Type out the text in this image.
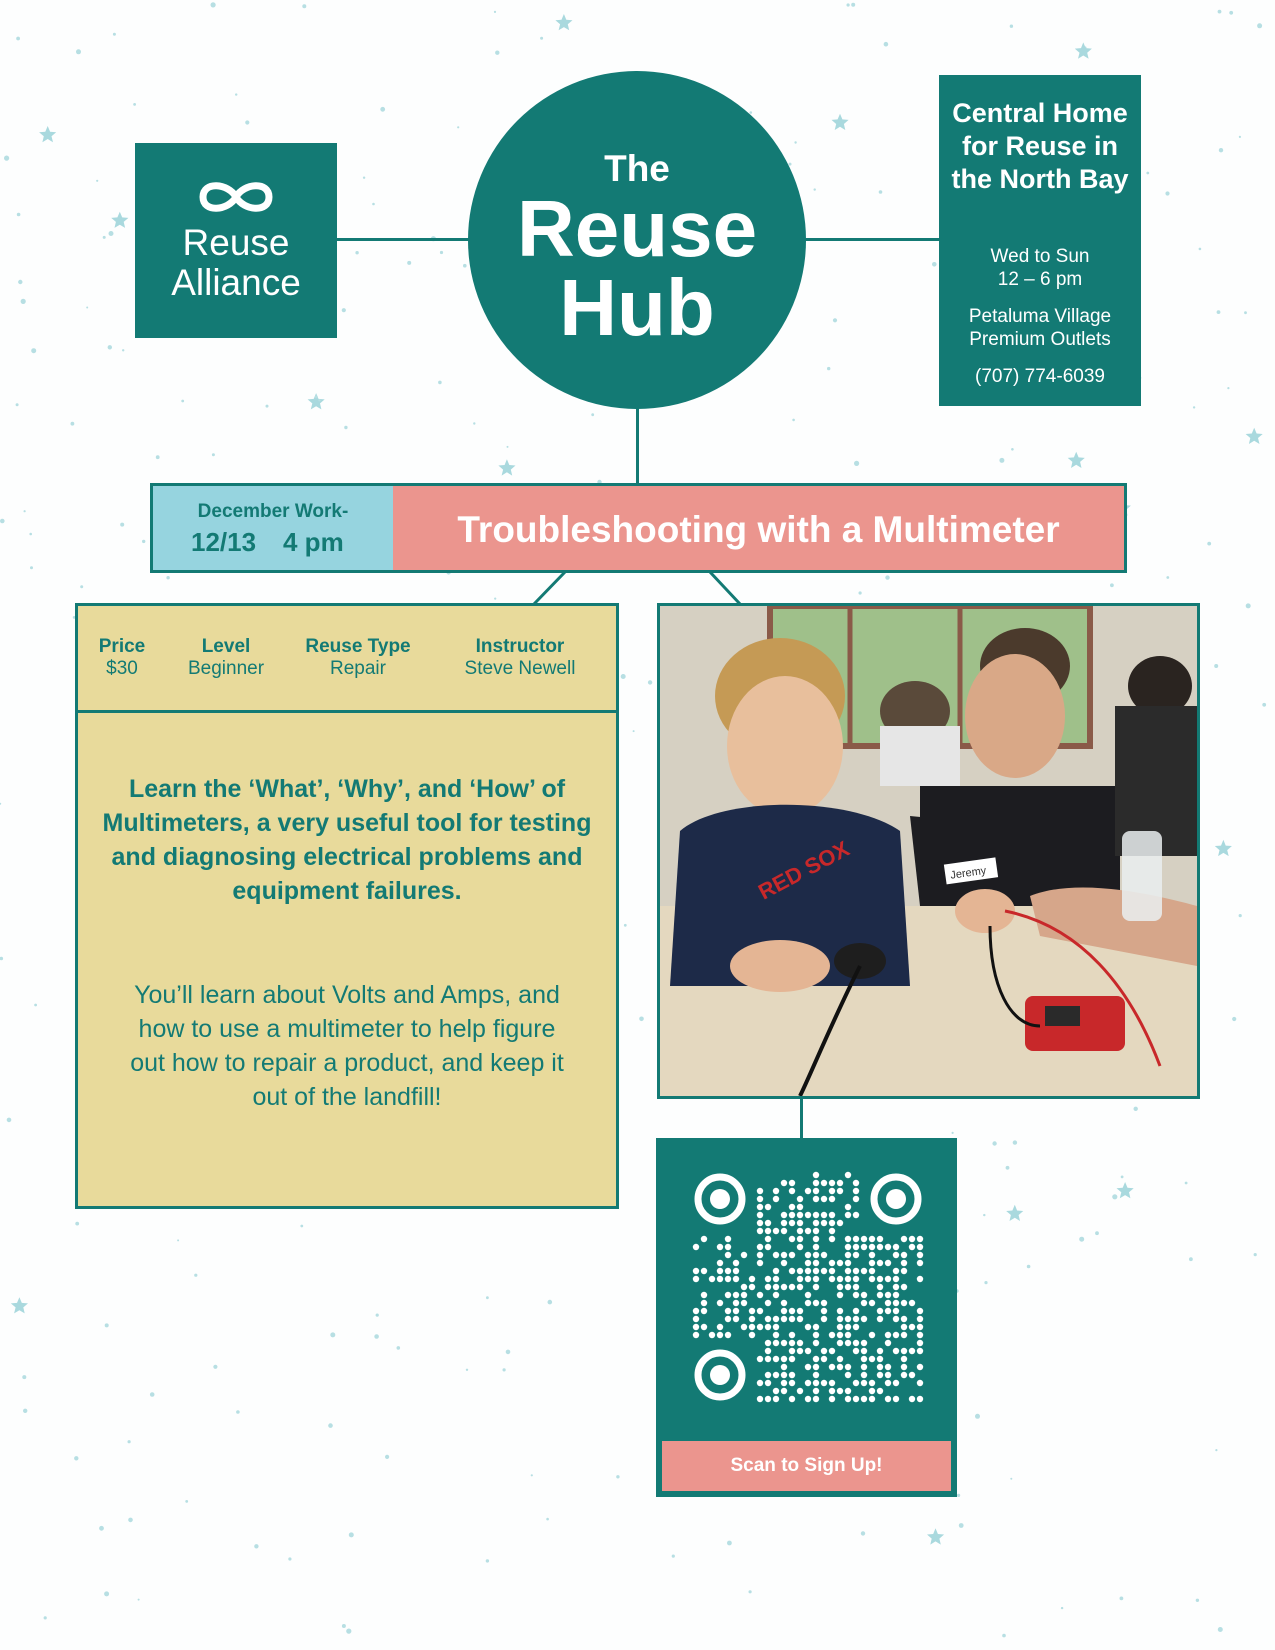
Reuse
Alliance
The
Reuse
Hub
Central Home for Reuse in the North Bay
Wed to Sun
12 – 6 pm
Petaluma Village
Premium Outlets
(707) 774-6039
December Work-
12/13 4 pm	Troubleshooting with a Multimeter
Price
$30
Level
Beginner
Reuse Type
Repair
Instructor
Steve Newell
Learn the ‘What’, ‘Why’, and ‘How’ of Multimeters, a very useful tool for testing and diagnosing electrical problems and equipment failures.
You’ll learn about Volts and Amps, and how to use a multimeter to help figure out how to repair a product, and keep it out of the landfill!
RED SOX	Jeremy
Scan to Sign Up!
